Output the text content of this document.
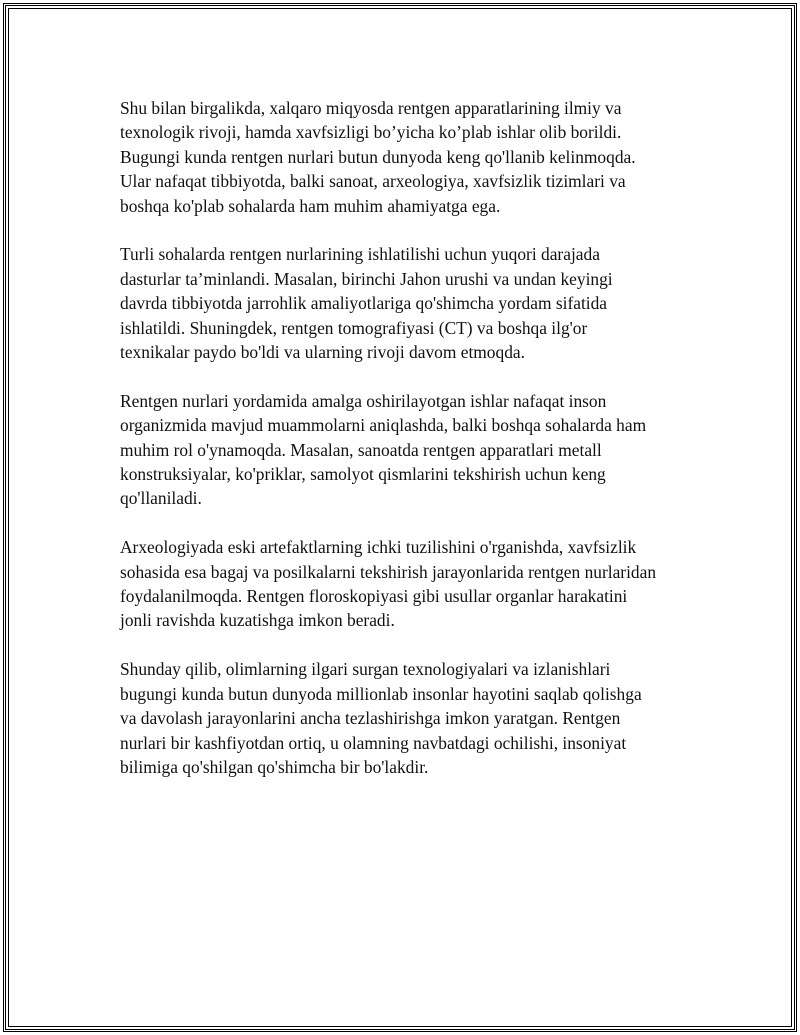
Shu bilan birgalikda, xalqaro miqyosda rentgen apparatlarining ilmiy va
texnologik rivoji, hamda xavfsizligi bo’yicha ko’plab ishlar olib borildi.
Bugungi kunda rentgen nurlari butun dunyoda keng qo'llanib kelinmoqda.
Ular nafaqat tibbiyotda, balki sanoat, arxeologiya, xavfsizlik tizimlari va
boshqa ko'plab sohalarda ham muhim ahamiyatga ega.

Turli sohalarda rentgen nurlarining ishlatilishi uchun yuqori darajada
dasturlar ta’minlandi. Masalan, birinchi Jahon urushi va undan keyingi
davrda tibbiyotda jarrohlik amaliyotlariga qo'shimcha yordam sifatida
ishlatildi. Shuningdek, rentgen tomografiyasi (CT) va boshqa ilg'or
texnikalar paydo bo'ldi va ularning rivoji davom etmoqda.

Rentgen nurlari yordamida amalga oshirilayotgan ishlar nafaqat inson
organizmida mavjud muammolarni aniqlashda, balki boshqa sohalarda ham
muhim rol o'ynamoqda. Masalan, sanoatda rentgen apparatlari metall
konstruksiyalar, ko'priklar, samolyot qismlarini tekshirish uchun keng
qo'llaniladi.

Arxeologiyada eski artefaktlarning ichki tuzilishini o'rganishda, xavfsizlik
sohasida esa bagaj va posilkalarni tekshirish jarayonlarida rentgen nurlaridan
foydalanilmoqda. Rentgen floroskopiyasi gibi usullar organlar harakatini
jonli ravishda kuzatishga imkon beradi.

Shunday qilib, olimlarning ilgari surgan texnologiyalari va izlanishlari
bugungi kunda butun dunyoda millionlab insonlar hayotini saqlab qolishga
va davolash jarayonlarini ancha tezlashirishga imkon yaratgan. Rentgen
nurlari bir kashfiyotdan ortiq, u olamning navbatdagi ochilishi, insoniyat
bilimiga qo'shilgan qo'shimcha bir bo'lakdir.
